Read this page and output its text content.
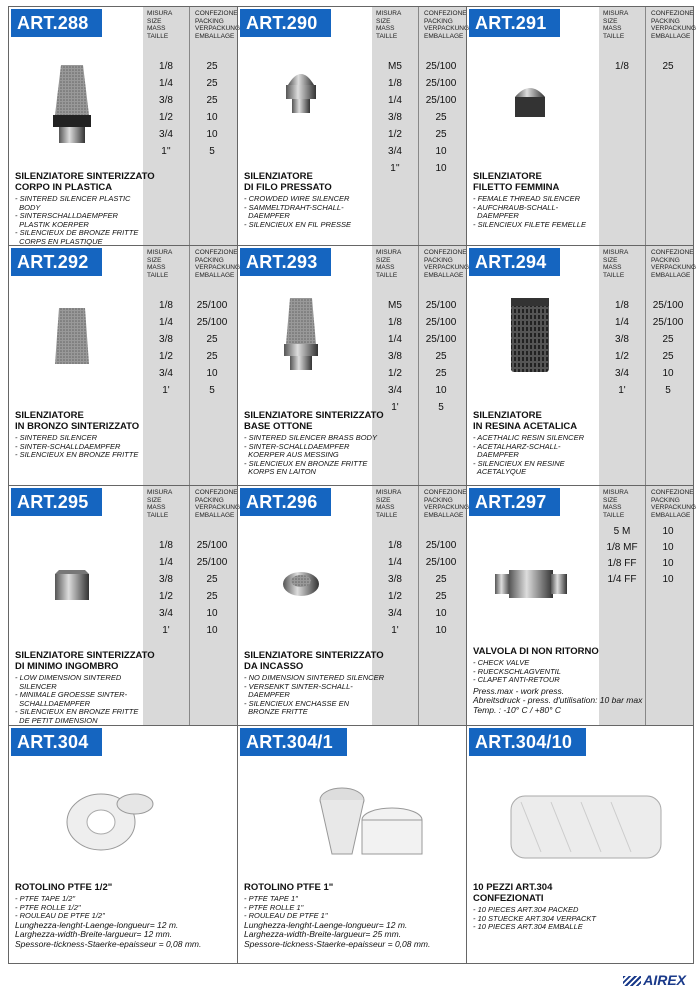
ART.288	MISURA
SIZE
MASS
TAILLE
CONFEZIONE
PACKING
VERPACKUNG
EMBALLAGE
1/8	25
1/4	25
3/8	25
1/2	10
3/4	10
1''	5
SILENZIATORE SINTERIZZATO
CORPO IN PLASTICA
- SINTERED SILENCER PLASTIC
BODY
- SINTERSCHALLDAEMPFER
PLASTIK KOERPER
- SILENCIEUX DE BRONZE FRITTE
CORPS EN PLASTIQUE
ART.290	MISURA
SIZE
MASS
TAILLE
CONFEZIONE
PACKING
VERPACKUNG
EMBALLAGE
M5	25/100
1/8	25/100
1/4	25/100
3/8	25
1/2	25
3/4	10
1''	10
SILENZIATORE
DI FILO PRESSATO
- CROWDED WIRE SILENCER
- SAMMELTDRAHT-SCHALL-
DAEMPFER
- SILENCIEUX EN FIL PRESSE
ART.291	MISURA
SIZE
MASS
TAILLE
CONFEZIONE
PACKING
VERPACKUNG
EMBALLAGE
1/8	25
SILENZIATORE
FILETTO FEMMINA
- FEMALE THREAD SILENCER
- AUFCHRAUB-SCHALL-
DAEMPFER
- SILENCIEUX FILETE FEMELLE
ART.292	MISURA
SIZE
MASS
TAILLE
CONFEZIONE
PACKING
VERPACKUNG
EMBALLAGE
1/8	25/100
1/4	25/100
3/8	25
1/2	25
3/4	10
1'	5
SILENZIATORE
IN BRONZO SINTERIZZATO
- SINTERED SILENCER
- SINTER-SCHALLDAEMPFER
- SILENCIEUX EN BRONZE FRITTE
ART.293	MISURA
SIZE
MASS
TAILLE
CONFEZIONE
PACKING
VERPACKUNG
EMBALLAGE
M5	25/100
1/8	25/100
1/4	25/100
3/8	25
1/2	25
3/4	10
1'	5
SILENZIATORE SINTERIZZATO
BASE OTTONE
- SINTERED SILENCER BRASS BODY
- SINTER-SCHALLDAEMPFER
KOERPER AUS MESSING
- SILENCIEUX EN BRONZE FRITTE
KORPS EN LAITON
ART.294	MISURA
SIZE
MASS
TAILLE
CONFEZIONE
PACKING
VERPACKUNG
EMBALLAGE
1/8	25/100
1/4	25/100
3/8	25
1/2	25
3/4	10
1'	5
SILENZIATORE
IN RESINA ACETALICA
- ACETHALIC RESIN SILENCER
- ACETALHARZ-SCHALL-
DAEMPFER
- SILENCIEUX EN RESINE
ACETALYQUE
ART.295	MISURA
SIZE
MASS
TAILLE
CONFEZIONE
PACKING
VERPACKUNG
EMBALLAGE
1/8	25/100
1/4	25/100
3/8	25
1/2	25
3/4	10
1'	10
SILENZIATORE SINTERIZZATO
DI MINIMO INGOMBRO
- LOW DIMENSION SINTERED
SILENCER
- MINIMALE GROESSE SINTER-
SCHALLDAEMPFER
- SILENCIEUX EN BRONZE FRITTE
DE PETIT DIMENSION
ART.296	MISURA
SIZE
MASS
TAILLE
CONFEZIONE
PACKING
VERPACKUNG
EMBALLAGE
1/8	25/100
1/4	25/100
3/8	25
1/2	25
3/4	10
1'	10
SILENZIATORE SINTERIZZATO
DA INCASSO
- NO DIMENSION SINTERED SILENCER
- VERSENKT SINTER-SCHALL-
DAEMPFER
- SILENCIEUX ENCHASSE EN
BRONZE FRITTE
ART.297	MISURA
SIZE
MASS
TAILLE
CONFEZIONE
PACKING
VERPACKUNG
EMBALLAGE
5 M	10
1/8 MF	10
1/8 FF	10
1/4 FF	10
VALVOLA DI NON RITORNO
- CHECK VALVE
- RUECKSCHLAGVENTIL
- CLAPET ANTI-RETOUR
Press.max - work press.
Abreitsdruck - press. d'utilisation: 10 bar max
Temp. : -10° C / +80° C
ART.304
ROTOLINO PTFE 1/2"
- PTFE TAPE 1/2"
- PTFE ROLLE 1/2"
- ROULEAU DE PTFE 1/2"
Lunghezza-lenght-Laenge-longueur= 12 m.
Larghezza-width-Breite-largueur= 12 mm.
Spessore-tickness-Staerke-epaisseur = 0,08 mm.
ART.304/1
ROTOLINO PTFE 1"
- PTFE TAPE 1"
- PTFE ROLLE 1"
- ROULEAU DE PTFE 1"
Lunghezza-lenght-Laenge-longueur= 12 m.
Larghezza-width-Breite-largueur= 25 mm.
Spessore-tickness-Staerke-epaisseur = 0,08 mm.
ART.304/10
10 PEZZI ART.304
CONFEZIONATI
- 10 PIECES ART.304 PACKED
- 10 STUECKE ART.304 VERPACKT
- 10 PIECES ART.304 EMBALLE
AIREX
